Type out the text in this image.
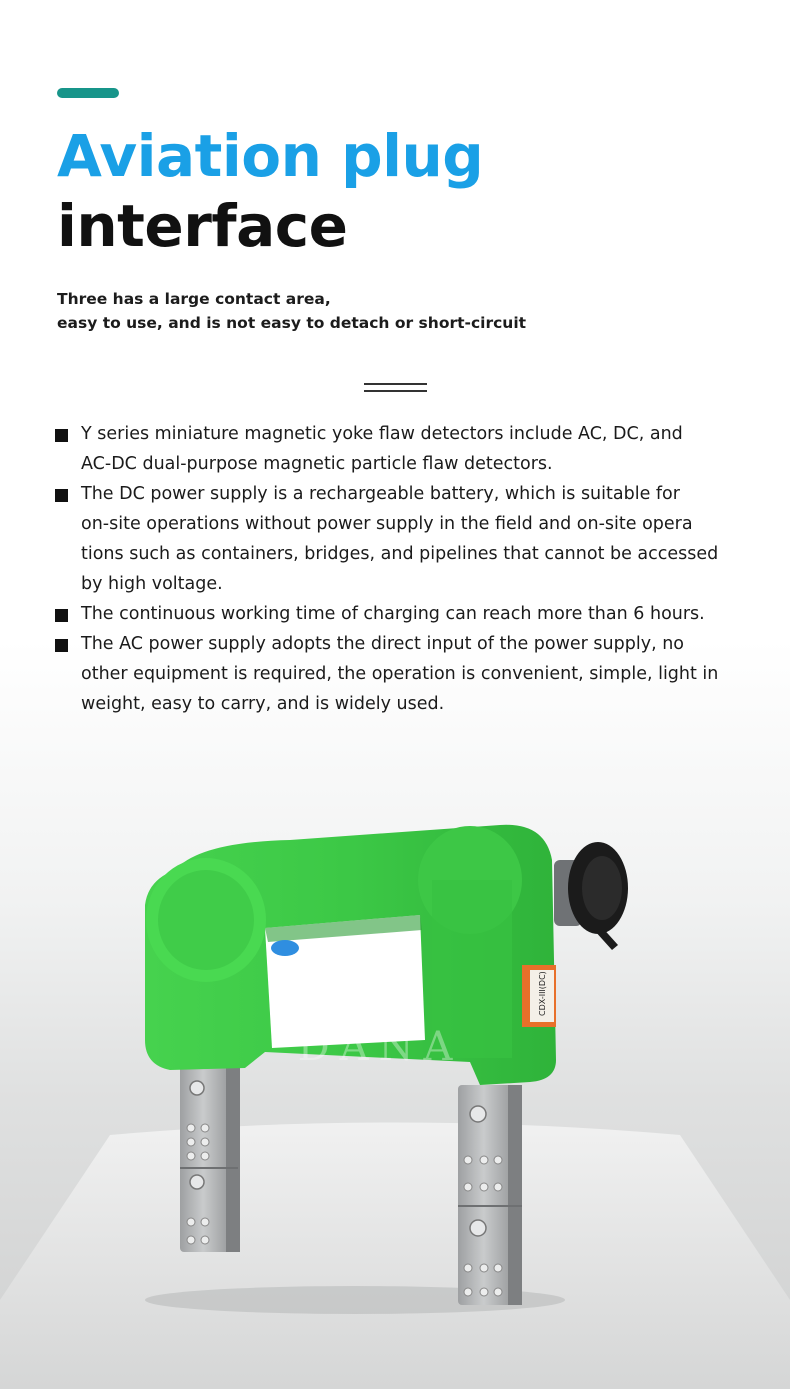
Aviation plug
interface
Three has a large contact area,
easy to use, and is not easy to detach or short-circuit
Y series miniature magnetic yoke flaw detectors include AC, DC, and
AC-DC dual-purpose magnetic particle flaw detectors.
The DC power supply is a rechargeable battery, which is suitable for
on-site operations without power supply in the field and on-site opera
tions such as containers, bridges, and pipelines that cannot be accessed
by high voltage.
The continuous working time of charging can reach more than 6 hours.
The AC power supply adopts the direct input of the power supply, no
other equipment is required, the operation is convenient, simple, light in
weight, easy to carry, and is widely used.
CDX-III(DC)
DANA
